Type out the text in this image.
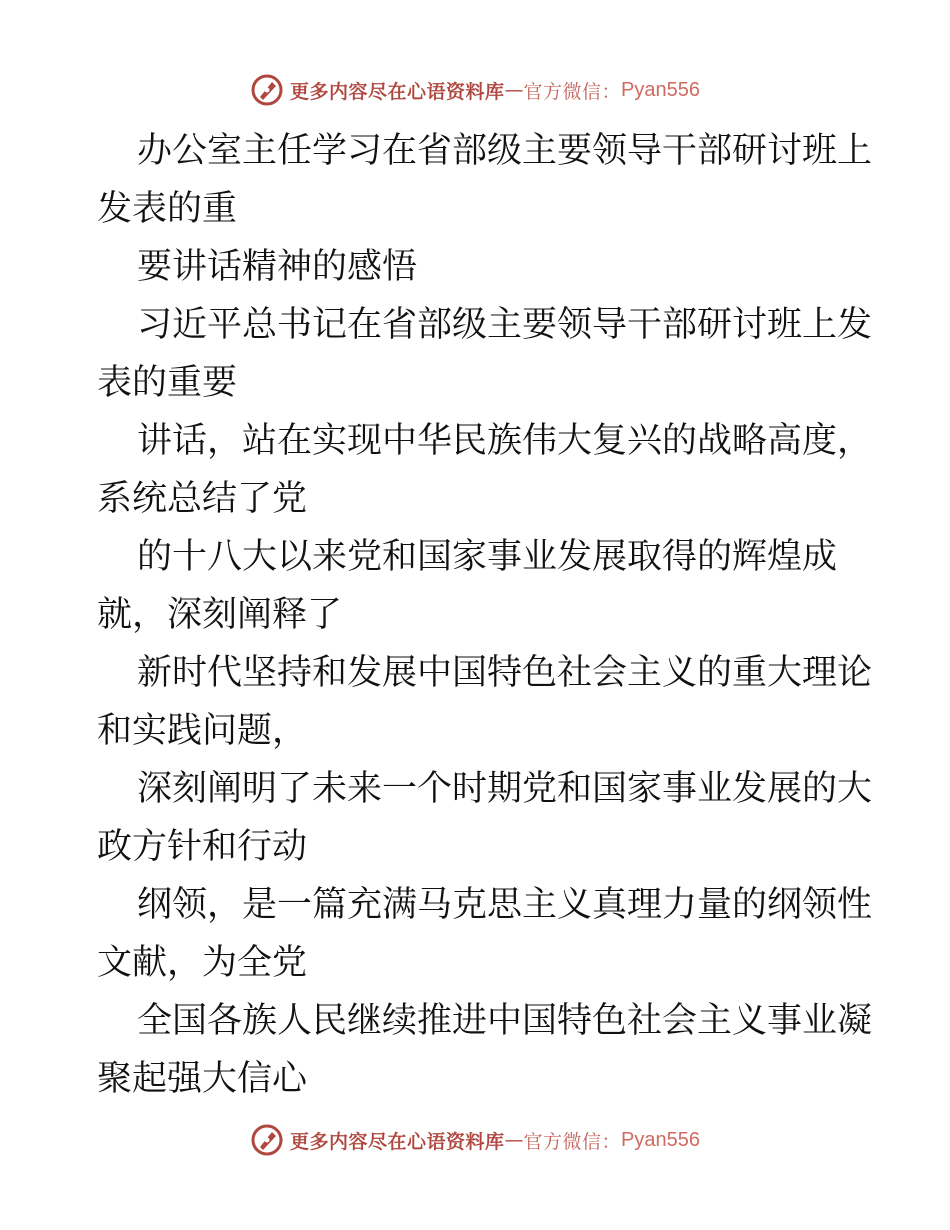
更多内容尽在心语资料库 — 官方微信： Pyan556
办公室主任学习在省部级主要领导干部研讨班上
发表的重
要讲话精神的感悟
习近平总书记在省部级主要领导干部研讨班上发
表的重要
讲话，站在实现中华民族伟大复兴的战略高度，
系统总结了党
的十八大以来党和国家事业发展取得的辉煌成
就，深刻阐释了
新时代坚持和发展中国特色社会主义的重大理论
和实践问题，
深刻阐明了未来一个时期党和国家事业发展的大
政方针和行动
纲领，是一篇充满马克思主义真理力量的纲领性
文献，为全党
全国各族人民继续推进中国特色社会主义事业凝
聚起强大信心
更多内容尽在心语资料库 — 官方微信： Pyan556
